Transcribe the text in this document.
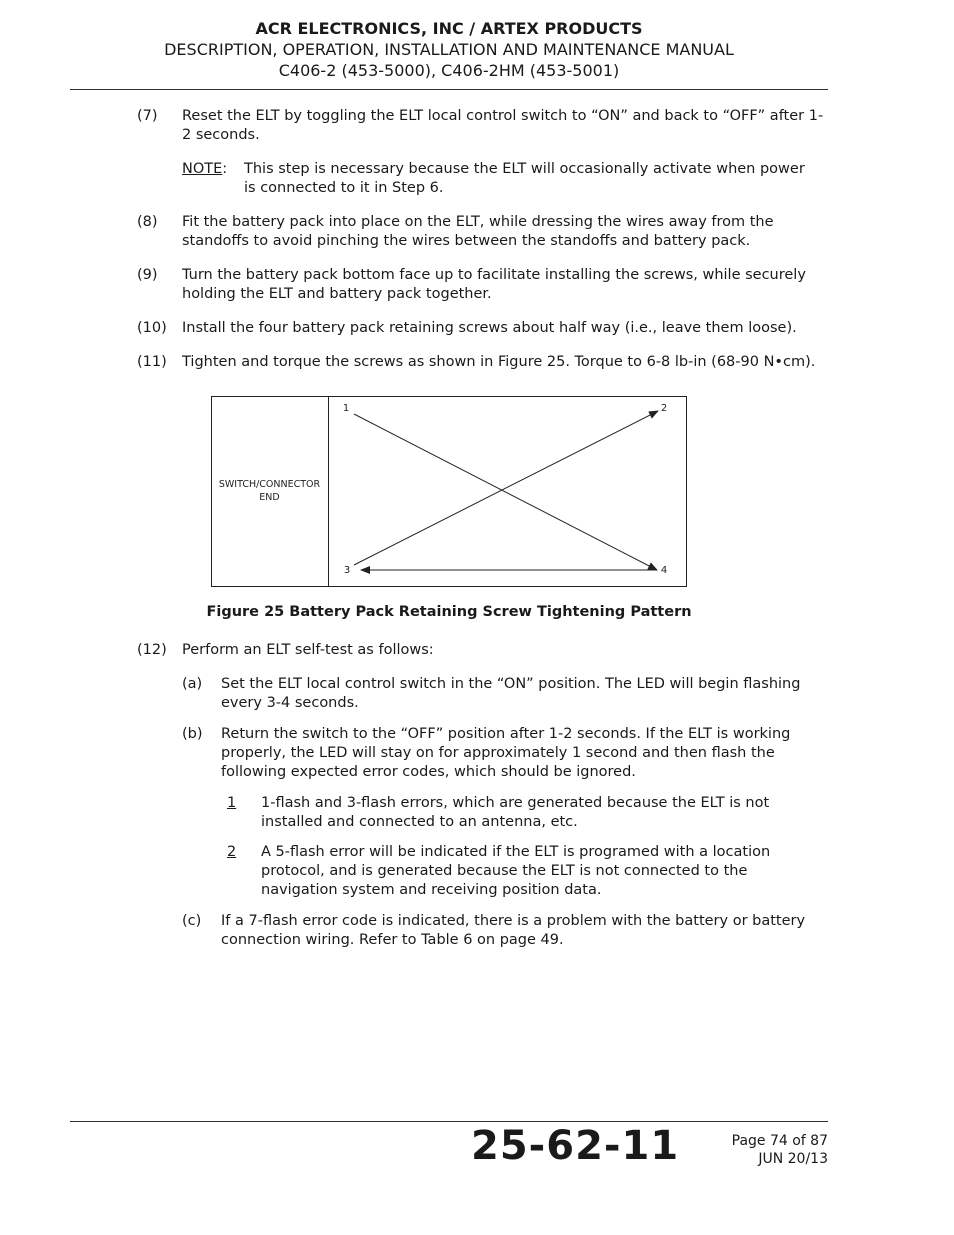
ACR ELECTRONICS, INC / ARTEX PRODUCTS
DESCRIPTION, OPERATION, INSTALLATION AND MAINTENANCE MANUAL
C406-2 (453-5000), C406-2HM (453-5001)
(7) Reset the ELT by toggling the ELT local control switch to “ON” and back to “OFF” after 1-2 seconds.
NOTE: This step is necessary because the ELT will occasionally activate when power is connected to it in Step 6.
(8) Fit the battery pack into place on the ELT, while dressing the wires away from the standoffs to avoid pinching the wires between the standoffs and battery pack.
(9) Turn the battery pack bottom face up to facilitate installing the screws, while securely holding the ELT and battery pack together.
(10) Install the four battery pack retaining screws about half way (i.e., leave them loose).
(11) Tighten and torque the screws as shown in Figure 25. Torque to 6-8 lb-in (68-90 N•cm).
SWITCH/CONNECTOR
END
1	2
3	4
Figure 25 Battery Pack Retaining Screw Tightening Pattern
(12) Perform an ELT self-test as follows:
(a) Set the ELT local control switch in the “ON” position. The LED will begin flashing every 3-4 seconds.
(b) Return the switch to the “OFF” position after 1-2 seconds. If the ELT is working properly, the LED will stay on for approximately 1 second and then flash the following expected error codes, which should be ignored.
1 1-flash and 3-flash errors, which are generated because the ELT is not installed and connected to an antenna, etc.
2 A 5-flash error will be indicated if the ELT is programed with a location protocol, and is generated because the ELT is not connected to the navigation system and receiving position data.
(c) If a 7-flash error code is indicated, there is a problem with the battery or battery connection wiring. Refer to Table 6 on page 49.
25-62-11	Page 74 of 87
JUN 20/13
